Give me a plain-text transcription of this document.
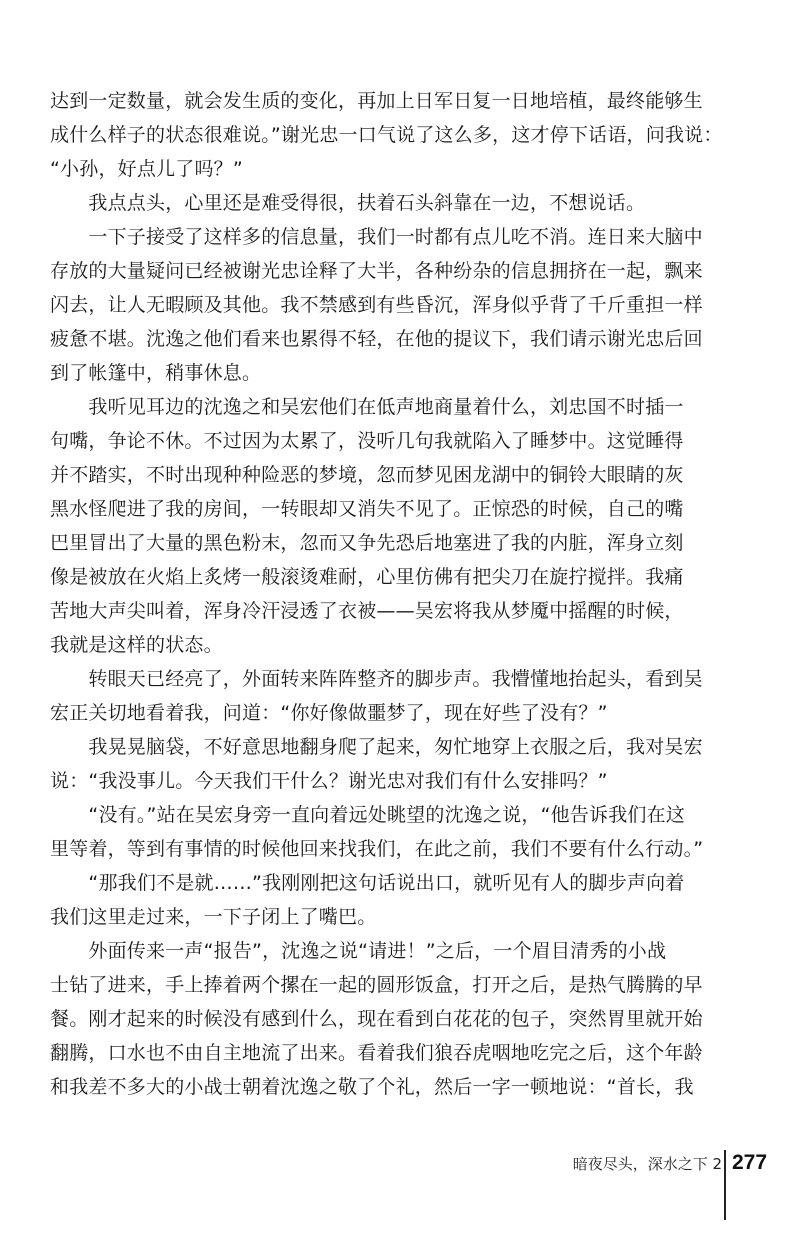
达到一定数量，就会发生质的变化，再加上日军日复一日地培植，最终能够生
成什么样子的状态很难说。”谢光忠一口气说了这么多，这才停下话语，问我说：
“小孙，好点儿了吗？”
　　我点点头，心里还是难受得很，扶着石头斜靠在一边，不想说话。
　　一下子接受了这样多的信息量，我们一时都有点儿吃不消。连日来大脑中
存放的大量疑问已经被谢光忠诠释了大半，各种纷杂的信息拥挤在一起，飘来
闪去，让人无暇顾及其他。我不禁感到有些昏沉，浑身似乎背了千斤重担一样
疲惫不堪。沈逸之他们看来也累得不轻，在他的提议下，我们请示谢光忠后回
到了帐篷中，稍事休息。
　　我听见耳边的沈逸之和吴宏他们在低声地商量着什么，刘忠国不时插一
句嘴，争论不休。不过因为太累了，没听几句我就陷入了睡梦中。这觉睡得
并不踏实，不时出现种种险恶的梦境，忽而梦见困龙湖中的铜铃大眼睛的灰
黑水怪爬进了我的房间，一转眼却又消失不见了。正惊恐的时候，自己的嘴
巴里冒出了大量的黑色粉末，忽而又争先恐后地塞进了我的内脏，浑身立刻
像是被放在火焰上炙烤一般滚烫难耐，心里仿佛有把尖刀在旋拧搅拌。我痛
苦地大声尖叫着，浑身冷汗浸透了衣被——吴宏将我从梦魇中摇醒的时候，
我就是这样的状态。
　　转眼天已经亮了，外面转来阵阵整齐的脚步声。我懵懂地抬起头，看到吴
宏正关切地看着我，问道：“你好像做噩梦了，现在好些了没有？”
　　我晃晃脑袋，不好意思地翻身爬了起来，匆忙地穿上衣服之后，我对吴宏
说：“我没事儿。今天我们干什么？谢光忠对我们有什么安排吗？”
　　“没有。”站在吴宏身旁一直向着远处眺望的沈逸之说，“他告诉我们在这
里等着，等到有事情的时候他回来找我们，在此之前，我们不要有什么行动。”
　　“那我们不是就……”我刚刚把这句话说出口，就听见有人的脚步声向着
我们这里走过来，一下子闭上了嘴巴。
　　外面传来一声“报告”，沈逸之说“请进！”之后，一个眉目清秀的小战
士钻了进来，手上捧着两个摞在一起的圆形饭盒，打开之后，是热气腾腾的早
餐。刚才起来的时候没有感到什么，现在看到白花花的包子，突然胃里就开始
翻腾，口水也不由自主地流了出来。看着我们狼吞虎咽地吃完之后，这个年龄
和我差不多大的小战士朝着沈逸之敬了个礼，然后一字一顿地说：“首长，我
暗夜尽头，深水之下 2 277
